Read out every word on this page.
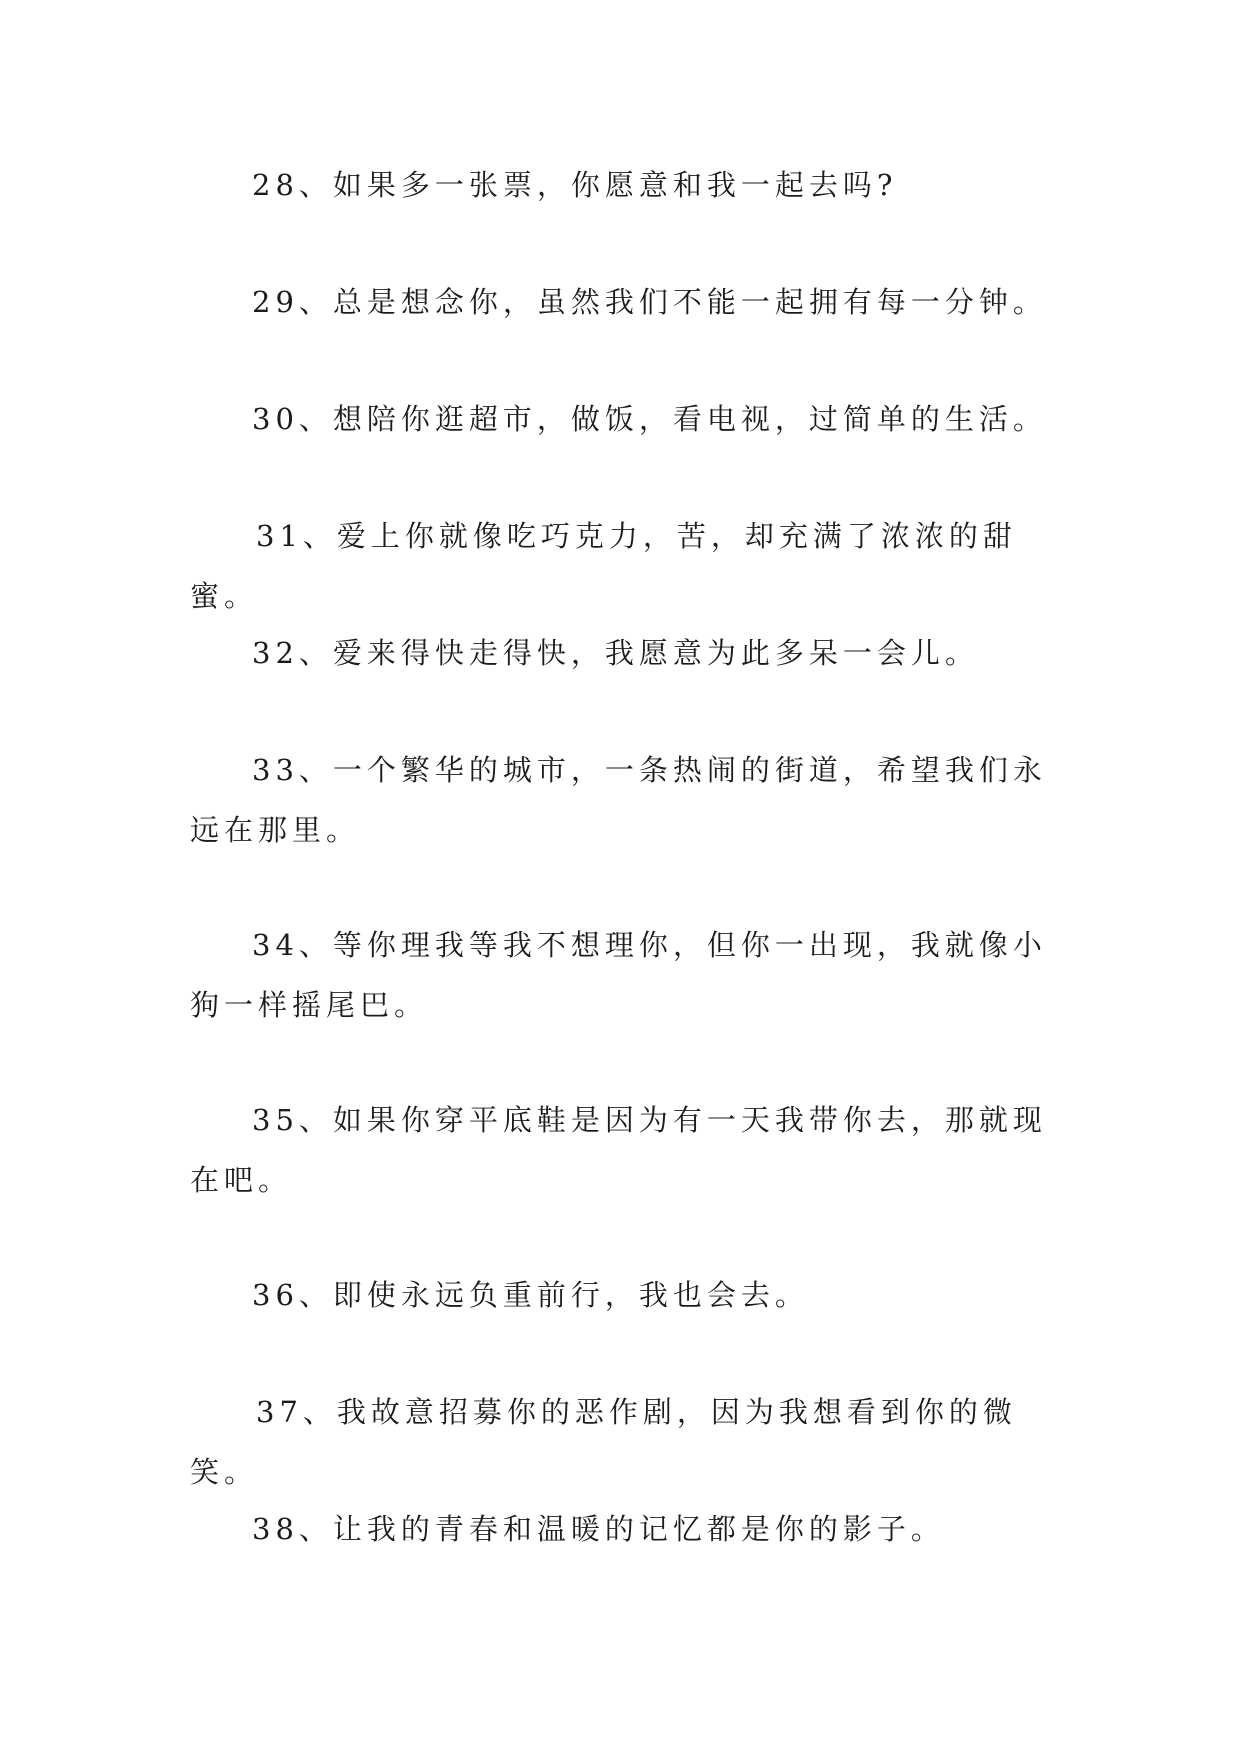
28、如果多一张票，你愿意和我一起去吗?

29、总是想念你，虽然我们不能一起拥有每一分钟。

30、想陪你逛超市，做饭，看电视，过简单的生活。

31、爱上你就像吃巧克力，苦，却充满了浓浓的甜蜜。

32、爱来得快走得快，我愿意为此多呆一会儿。

33、一个繁华的城市，一条热闹的街道，希望我们永远在那里。

34、等你理我等我不想理你，但你一出现，我就像小狗一样摇尾巴。

35、如果你穿平底鞋是因为有一天我带你去，那就现在吧。

36、即使永远负重前行，我也会去。

37、我故意招募你的恶作剧，因为我想看到你的微笑。

38、让我的青春和温暖的记忆都是你的影子。
